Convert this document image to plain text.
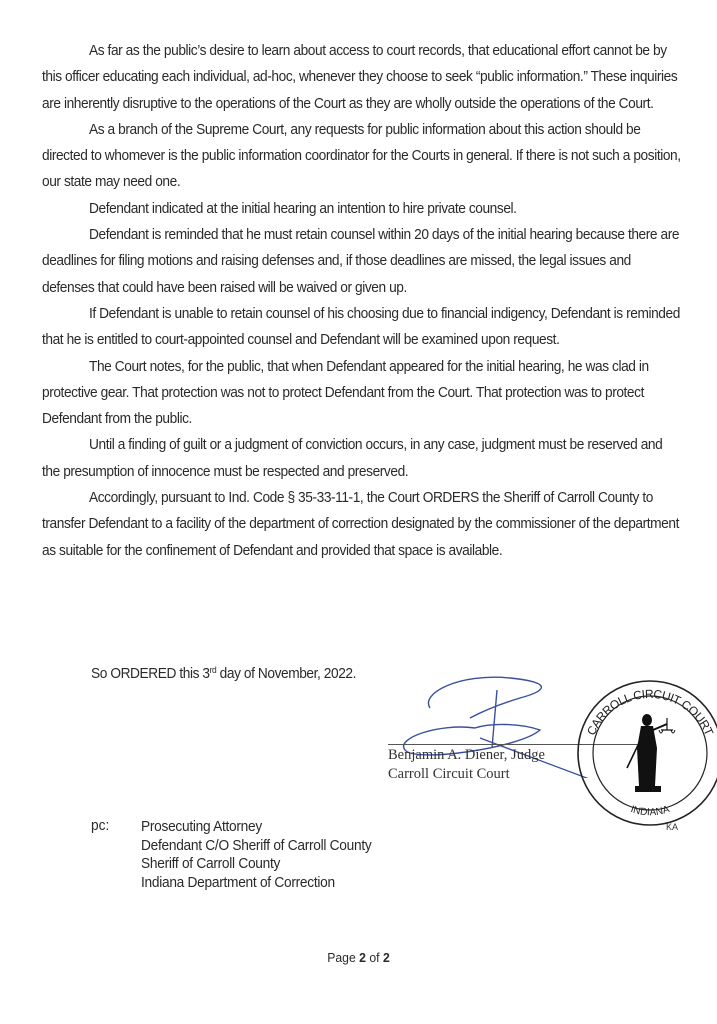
As far as the public’s desire to learn about access to court records, that educational effort cannot be by this officer educating each individual, ad-hoc, whenever they choose to seek “public information.” These inquiries are inherently disruptive to the operations of the Court as they are wholly outside the operations of the Court.

As a branch of the Supreme Court, any requests for public information about this action should be directed to whomever is the public information coordinator for the Courts in general. If there is not such a position, our state may need one.

Defendant indicated at the initial hearing an intention to hire private counsel.

Defendant is reminded that he must retain counsel within 20 days of the initial hearing because there are deadlines for filing motions and raising defenses and, if those deadlines are missed, the legal issues and defenses that could have been raised will be waived or given up.

If Defendant is unable to retain counsel of his choosing due to financial indigency, Defendant is reminded that he is entitled to court-appointed counsel and Defendant will be examined upon request.

The Court notes, for the public, that when Defendant appeared for the initial hearing, he was clad in protective gear. That protection was not to protect Defendant from the Court. That protection was to protect Defendant from the public.

Until a finding of guilt or a judgment of conviction occurs, in any case, judgment must be reserved and the presumption of innocence must be respected and preserved.

Accordingly, pursuant to Ind. Code § 35-33-11-1, the Court ORDERS the Sheriff of Carroll County to transfer Defendant to a facility of the department of correction designated by the commissioner of the department as suitable for the confinement of Defendant and provided that space is available.

So ORDERED this 3rd day of November, 2022.
Benjamin A. Diener, Judge
Carroll Circuit Court
CARROLL CIRCUIT COURT
INDIANA
KA
pc: Prosecuting Attorney
Defendant C/O Sheriff of Carroll County
Sheriff of Carroll County
Indiana Department of Correction
Page 2 of 2
